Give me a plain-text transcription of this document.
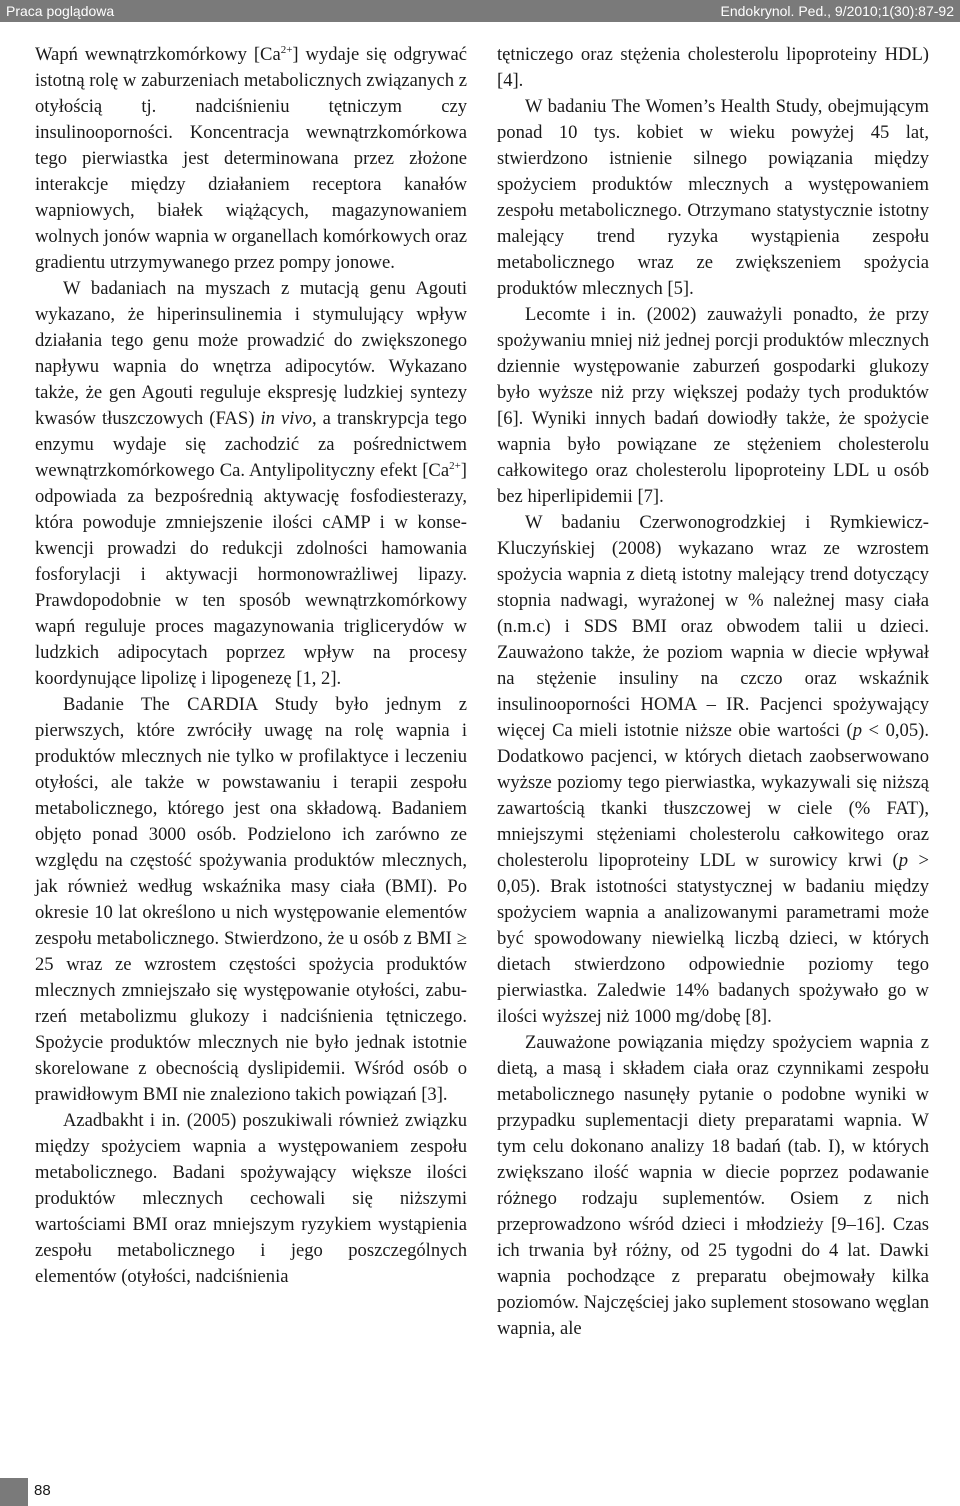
Praca poglądowa	Endokrynol. Ped., 9/2010;1(30):87-92

Wapń wewnątrzkomórkowy $[Ca^{2+}]$ wydaje się odgrywać istotną rolę w zaburzeniach metabolicznych związanych z otyłością tj. nadciśnieniu tętniczym czy insulinooporności. Koncentracja wewnątrzkomórkowa tego pierwiastka jest determinowana przez złożone interakcje między działaniem receptora kanałów wapniowych, białek wiążących, magazynowaniem wolnych jonów wapnia w organellach komórkowych oraz gradientu utrzymywanego przez pompy jonowe.

W badaniach na myszach z mutacją genu Agouti wykazano, że hiperinsulinemia i stymulujący wpływ działania tego genu może prowadzić do zwiększonego napływu wapnia do wnętrza adipocytów. Wykazano także, że gen Agouti reguluje ekspresję ludzkiej syntezy kwasów tłuszczowych (FAS) in vivo, a transkrypcja tego enzymu wydaje się zachodzić za pośrednictwem wewnątrzkomórkowego Ca. Antylipolityczny efekt $[Ca^{2+}]$ odpowiada za bezpośrednią aktywację fosfodiesterazy, która powoduje zmniejszenie ilości cAMP i w konsekwencji prowadzi do redukcji zdolności hamowania fosforylacji i aktywacji hormonowrażliwej lipazy. Prawdopodobnie w ten sposób wewnątrzkomórkowy wapń reguluje proces magazynowania triglicerydów w ludzkich adipocytach poprzez wpływ na procesy koordynujące lipolizę i lipogenezę [1, 2].

Badanie The CARDIA Study było jednym z pierwszych, które zwróciły uwagę na rolę wapnia i produktów mlecznych nie tylko w profilaktyce i leczeniu otyłości, ale także w powstawaniu i terapii zespołu metabolicznego, którego jest ona składową. Badaniem objęto ponad 3000 osób. Podzielono ich zarówno ze względu na częstość spożywania produktów mlecznych, jak również według wskaźnika masy ciała (BMI). Po okresie 10 lat określono u nich występowanie elementów zespołu metabolicznego. Stwierdzono, że u osób z BMI ≥ 25 wraz ze wzrostem częstości spożycia produktów mlecznych zmniejszało się występowanie otyłości, zaburzeń metabolizmu glukozy i nadciśnienia tętniczego. Spożycie produktów mlecznych nie było jednak istotnie skorelowane z obecnością dyslipidemii. Wśród osób o prawidłowym BMI nie znaleziono takich powiązań [3].

Azadbakht i in. (2005) poszukiwali również związku między spożyciem wapnia a występowaniem zespołu metabolicznego. Badani spożywający większe ilości produktów mlecznych cechowali się niższymi wartościami BMI oraz mniejszym ryzykiem wystąpienia zespołu metabolicznego i jego poszczególnych elementów (otyłości, nadciśnienia

tętniczego oraz stężenia cholesterolu lipoproteiny HDL) [4].

W badaniu The Women’s Health Study, obejmującym ponad 10 tys. kobiet w wieku powyżej 45 lat, stwierdzono istnienie silnego powiązania między spożyciem produktów mlecznych a występowaniem zespołu metabolicznego. Otrzymano statystycznie istotny malejący trend ryzyka wystąpienia zespołu metabolicznego wraz ze zwiększeniem spożycia produktów mlecznych [5].

Lecomte i in. (2002) zauważyli ponadto, że przy spożywaniu mniej niż jednej porcji produktów mlecznych dziennie występowanie zaburzeń gospodarki glukozy było wyższe niż przy większej podaży tych produktów [6]. Wyniki innych badań dowiodły także, że spożycie wapnia było powiązane ze stężeniem cholesterolu całkowitego oraz cholesterolu lipoproteiny LDL u osób bez hiperlipidemii [7].

W badaniu Czerwonogrodzkiej i Rymkiewicz-Kluczyńskiej (2008) wykazano wraz ze wzrostem spożycia wapnia z dietą istotny malejący trend dotyczący stopnia nadwagi, wyrażonej w % należnej masy ciała (n.m.c) i SDS BMI oraz obwodem talii u dzieci. Zauważono także, że poziom wapnia w diecie wpływał na stężenie insuliny na czczo oraz wskaźnik insulinooporności HOMA – IR. Pacjenci spożywający więcej Ca mieli istotnie niższe obie wartości (p < 0,05). Dodatkowo pacjenci, w których dietach zaobserwowano wyższe poziomy tego pierwiastka, wykazywali się niższą zawartością tkanki tłuszczowej w ciele (% FAT), mniejszymi stężeniami cholesterolu całkowitego oraz cholesterolu lipoproteiny LDL w surowicy krwi (p > 0,05). Brak istotności statystycznej w badaniu między spożyciem wapnia a analizowanymi parametrami może być spowodowany niewielką liczbą dzieci, w których dietach stwierdzono odpowiednie poziomy tego pierwiastka. Zaledwie 14% badanych spożywało go w ilości wyższej niż 1000 mg/dobę [8].

Zauważone powiązania między spożyciem wapnia z dietą, a masą i składem ciała oraz czynnikami zespołu metabolicznego nasunęły pytanie o podobne wyniki w przypadku suplementacji diety preparatami wapnia. W tym celu dokonano analizy 18 badań (tab. I), w których zwiększano ilość wapnia w diecie poprzez podawanie różnego rodzaju suplementów. Osiem z nich przeprowadzono wśród dzieci i młodzieży [9–16]. Czas ich trwania był różny, od 25 tygodni do 4 lat. Dawki wapnia pochodzące z preparatu obejmowały kilka poziomów. Najczęściej jako suplement stosowano węglan wapnia, ale

88
